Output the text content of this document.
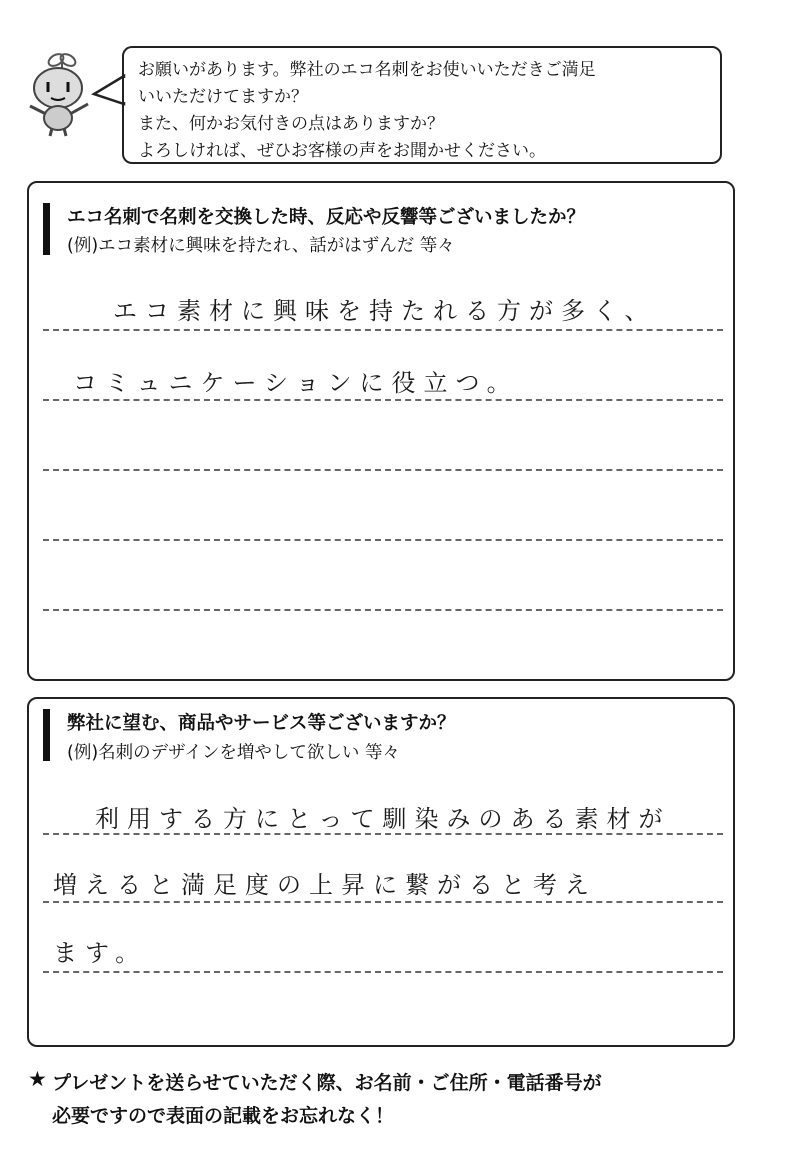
お願いがあります。弊社のエコ名刺をお使いいただきご満足
いいただけてますか？
また、何かお気付きの点はありますか？
よろしければ、ぜひお客様の声をお聞かせください。
エコ名刺で名刺を交換した時、反応や反響等ございましたか？
(例)エコ素材に興味を持たれ、話がはずんだ 等々
エコ素材に興味を持たれる方が多く、
コミュニケーションに役立つ。
弊社に望む、商品やサービス等ございますか？
(例)名刺のデザインを増やして欲しい 等々
利用する方にとって馴染みのある素材が
増えると満足度の上昇に繋がると考え
ます。
★ プレゼントを送らせていただく際、お名前・ご住所・電話番号が
必要ですので表面の記載をお忘れなく！
